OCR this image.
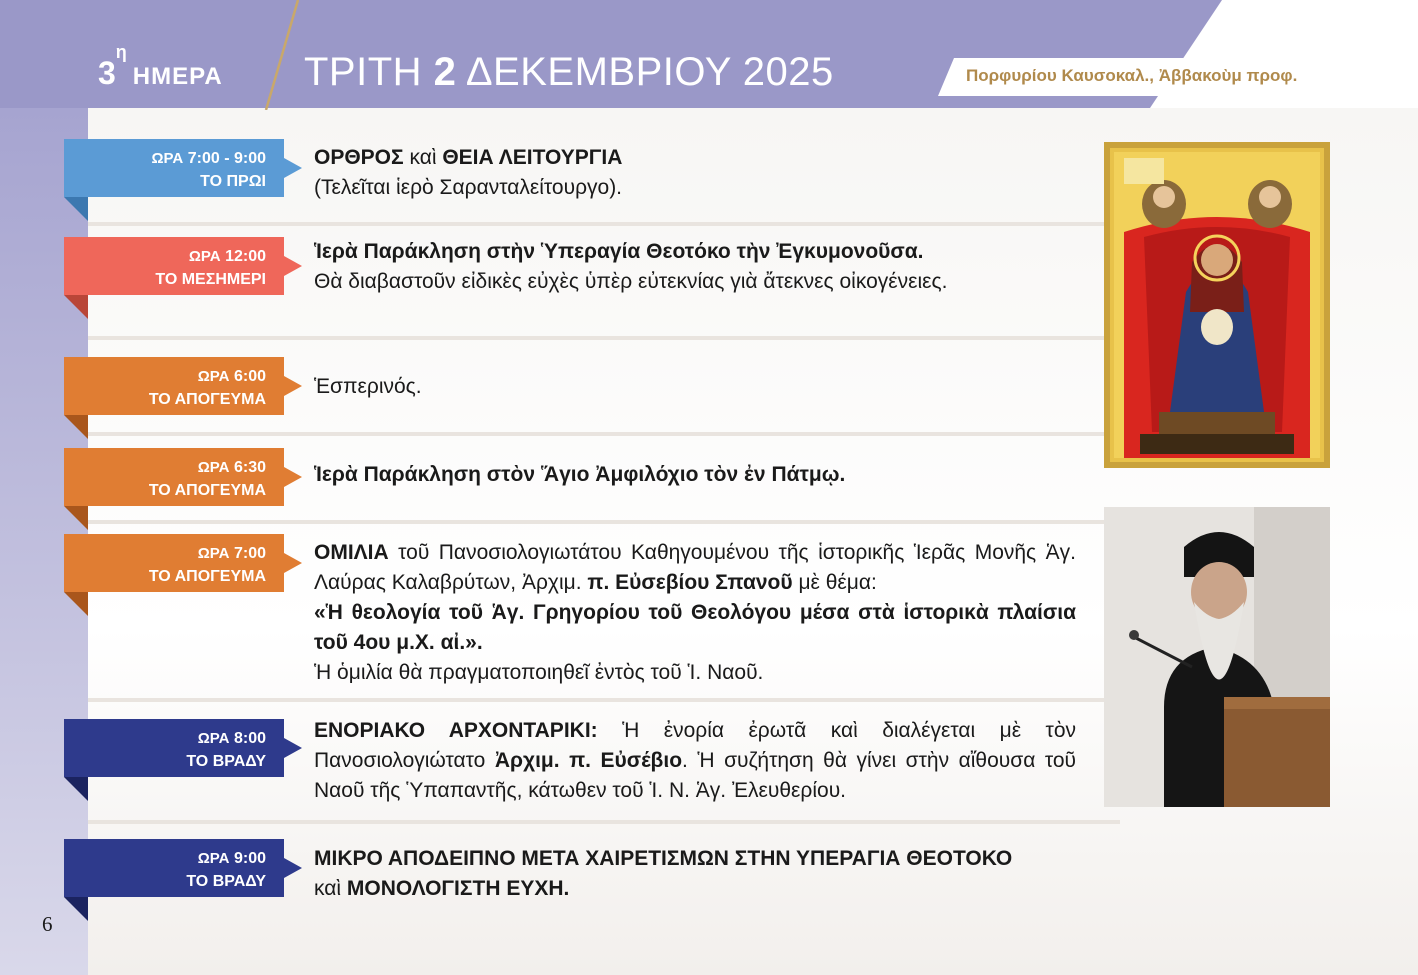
$3^\eta HMEPA$ ΤΡΙΤΗ 2 ΔΕΚΕΜΒΡΙΟΥ 2025	Πορφυρίου Καυσοκαλ., Ἀββακοὺμ προφ.
ΩΡΑ 7:00 - 9:00
ΤΟ ΠΡΩΙ
ΟΡΘΡΟΣ καὶ ΘΕΙΑ ΛΕΙΤΟΥΡΓΙΑ
(Τελεῖται ἱερὸ Σαρανταλείτουργο).
ΩΡΑ 12:00
ΤΟ ΜΕΣΗΜΕΡΙ
Ἱερὰ Παράκληση στὴν Ὑπεραγία Θεοτόκο τὴν Ἐγκυμονοῦσα.
Θὰ διαβαστοῦν εἰδικὲς εὐχὲς ὑπὲρ εὐτεκνίας γιὰ ἄτεκνες οἰκογένειες.
ΩΡΑ 6:00
ΤΟ ΑΠΟΓΕΥΜΑ
Ἑσπερινός.
ΩΡΑ 6:30
ΤΟ ΑΠΟΓΕΥΜΑ
Ἱερὰ Παράκληση στὸν Ἅγιο Ἀμφιλόχιο τὸν ἐν Πάτμῳ.
ΩΡΑ 7:00
ΤΟ ΑΠΟΓΕΥΜΑ
ΟΜΙΛΙΑ τοῦ Πανοσιολογιωτάτου Καθηγουμένου τῆς ἱστορικῆς Ἱερᾶς Μονῆς Ἁγ. Λαύρας Καλαβρύτων, Ἀρχιμ. π. Εὐσεβίου Σπανοῦ μὲ θέμα:
«Ἡ θεολογία τοῦ Ἁγ. Γρηγορίου τοῦ Θεολόγου μέσα στὰ ἱστορικὰ πλαίσια τοῦ 4ου μ.Χ. αἰ.».
Ἡ ὁμιλία θὰ πραγματοποιηθεῖ ἐντὸς τοῦ Ἱ. Ναοῦ.
ΩΡΑ 8:00
ΤΟ ΒΡΑΔΥ
ΕΝΟΡΙΑΚΟ ΑΡΧΟΝΤΑΡΙΚΙ: Ἡ ἐνορία ἐρωτᾶ καὶ διαλέγεται μὲ τὸν Πανοσιολογιώτατο Ἀρχιμ. π. Εὐσέβιο. Ἡ συζήτηση θὰ γίνει στὴν αἴθουσα τοῦ Ναοῦ τῆς Ὑπαπαντῆς, κάτωθεν τοῦ Ἱ. Ν. Ἁγ. Ἐλευθερίου.
ΩΡΑ 9:00
ΤΟ ΒΡΑΔΥ
ΜΙΚΡΟ ΑΠΟΔΕΙΠΝΟ ΜΕΤΑ ΧΑΙΡΕΤΙΣΜΩΝ ΣΤΗΝ ΥΠΕΡΑΓΙΑ ΘΕΟΤΟΚΟ
καὶ ΜΟΝΟΛΟΓΙΣΤΗ ΕΥΧΗ.
6
